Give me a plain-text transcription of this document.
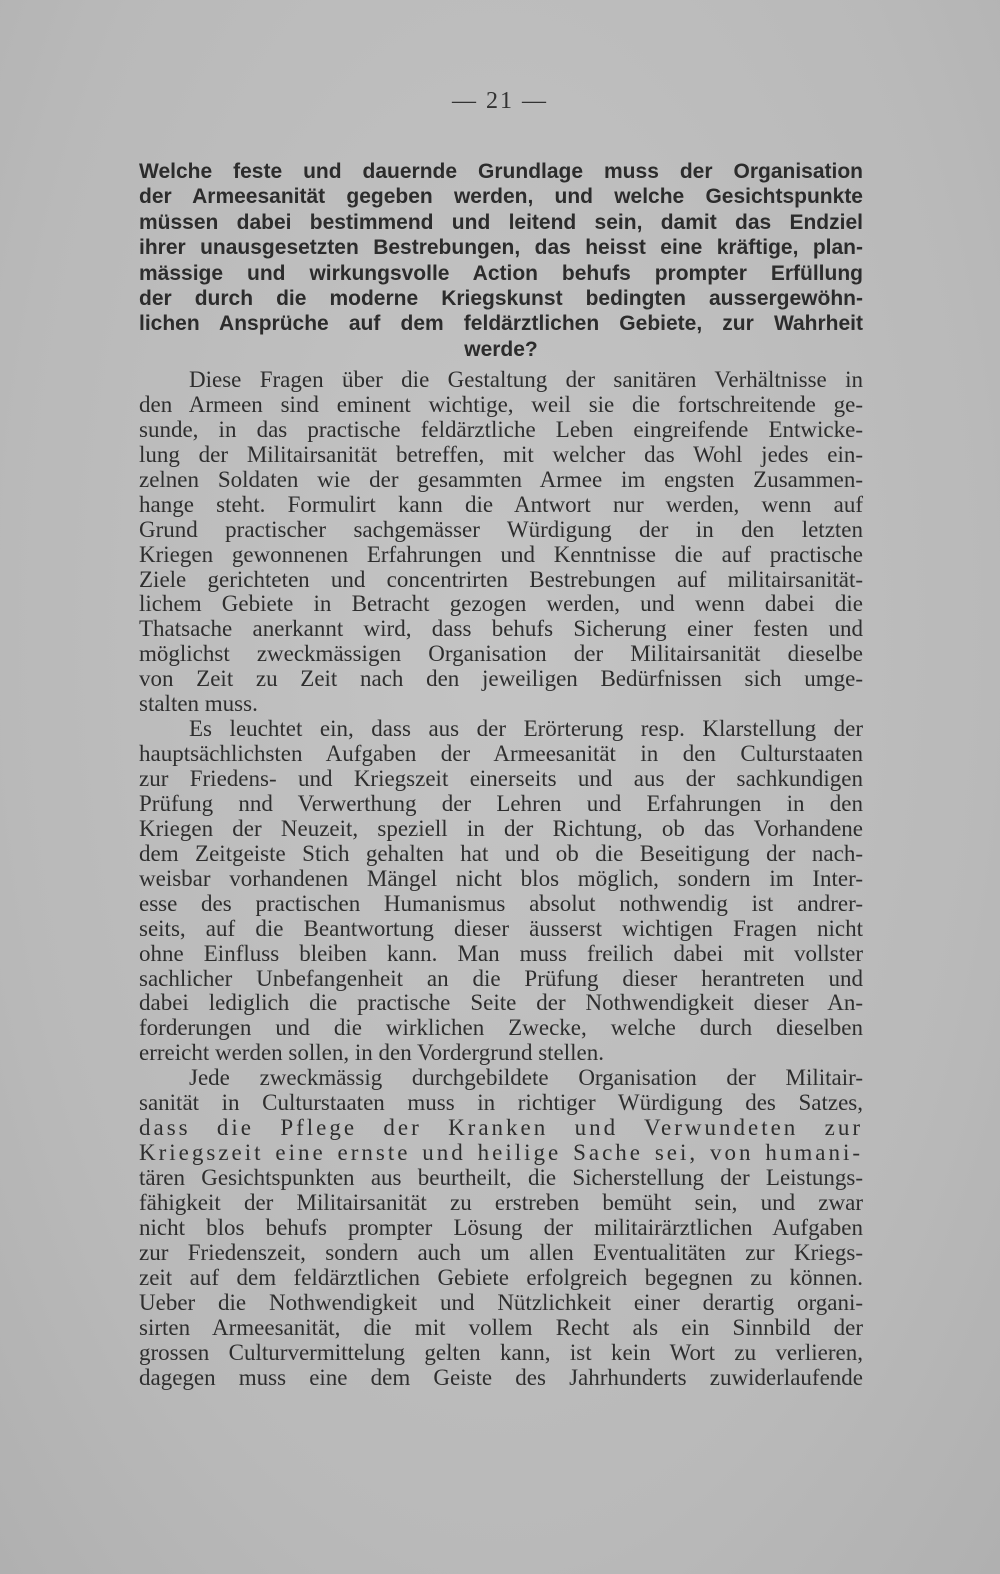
— 21 —

Welche feste und dauernde Grundlage muss der Organisation
der Armeesanität gegeben werden, und welche Gesichtspunkte
müssen dabei bestimmend und leitend sein, damit das Endziel
ihrer unausgesetzten Bestrebungen, das heisst eine kräftige, plan-
mässige und wirkungsvolle Action behufs prompter Erfüllung
der durch die moderne Kriegskunst bedingten aussergewöhn-
lichen Ansprüche auf dem feldärztlichen Gebiete, zur Wahrheit
werde?

Diese Fragen über die Gestaltung der sanitären Verhältnisse in
den Armeen sind eminent wichtige, weil sie die fortschreitende ge-
sunde, in das practische feldärztliche Leben eingreifende Entwicke-
lung der Militairsanität betreffen, mit welcher das Wohl jedes ein-
zelnen Soldaten wie der gesammten Armee im engsten Zusammen-
hange steht. Formulirt kann die Antwort nur werden, wenn auf
Grund practischer sachgemässer Würdigung der in den letzten
Kriegen gewonnenen Erfahrungen und Kenntnisse die auf practische
Ziele gerichteten und concentrirten Bestrebungen auf militairsanität-
lichem Gebiete in Betracht gezogen werden, und wenn dabei die
Thatsache anerkannt wird, dass behufs Sicherung einer festen und
möglichst zweckmässigen Organisation der Militairsanität dieselbe
von Zeit zu Zeit nach den jeweiligen Bedürfnissen sich umge-
stalten muss.
Es leuchtet ein, dass aus der Erörterung resp. Klarstellung der
hauptsächlichsten Aufgaben der Armeesanität in den Culturstaaten
zur Friedens- und Kriegszeit einerseits und aus der sachkundigen
Prüfung nnd Verwerthung der Lehren und Erfahrungen in den
Kriegen der Neuzeit, speziell in der Richtung, ob das Vorhandene
dem Zeitgeiste Stich gehalten hat und ob die Beseitigung der nach-
weisbar vorhandenen Mängel nicht blos möglich, sondern im Inter-
esse des practischen Humanismus absolut nothwendig ist andrer-
seits, auf die Beantwortung dieser äusserst wichtigen Fragen nicht
ohne Einfluss bleiben kann. Man muss freilich dabei mit vollster
sachlicher Unbefangenheit an die Prüfung dieser herantreten und
dabei lediglich die practische Seite der Nothwendigkeit dieser An-
forderungen und die wirklichen Zwecke, welche durch dieselben
erreicht werden sollen, in den Vordergrund stellen.
Jede zweckmässig durchgebildete Organisation der Militair-
sanität in Culturstaaten muss in richtiger Würdigung des Satzes,
dass die Pflege der Kranken und Verwundeten zur
Kriegszeit eine ernste und heilige Sache sei, von humani-
tären Gesichtspunkten aus beurtheilt, die Sicherstellung der Leistungs-
fähigkeit der Militairsanität zu erstreben bemüht sein, und zwar
nicht blos behufs prompter Lösung der militairärztlichen Aufgaben
zur Friedenszeit, sondern auch um allen Eventualitäten zur Kriegs-
zeit auf dem feldärztlichen Gebiete erfolgreich begegnen zu können.
Ueber die Nothwendigkeit und Nützlichkeit einer derartig organi-
sirten Armeesanität, die mit vollem Recht als ein Sinnbild der
grossen Culturvermittelung gelten kann, ist kein Wort zu verlieren,
dagegen muss eine dem Geiste des Jahrhunderts zuwiderlaufende
